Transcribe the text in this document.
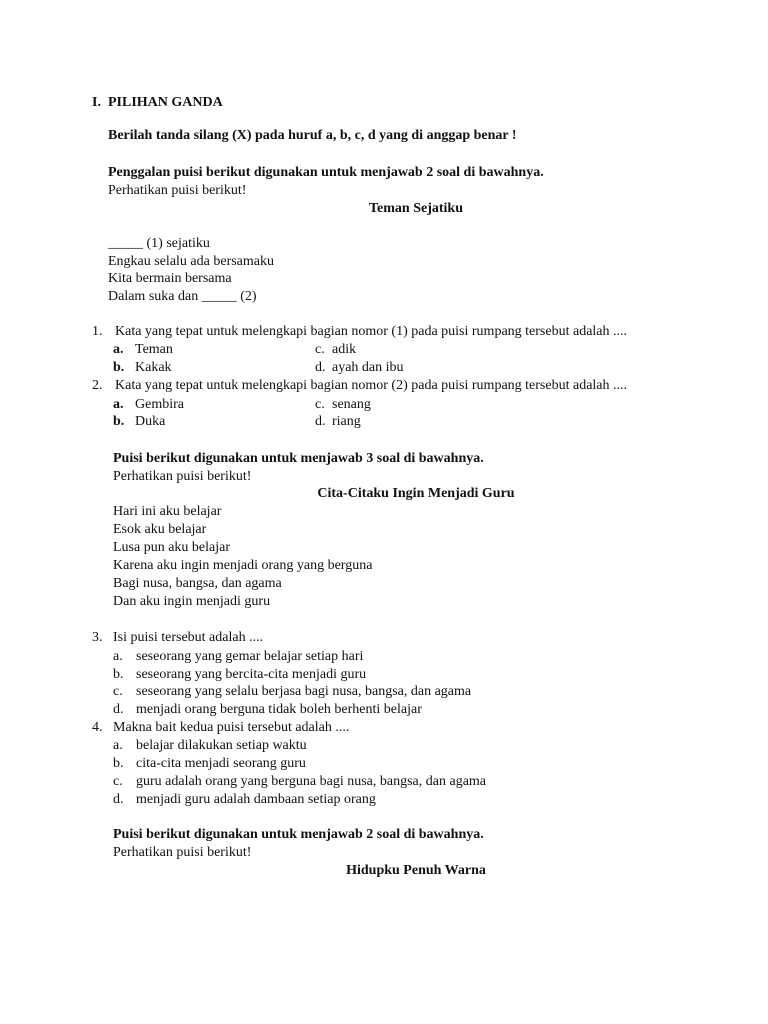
I. PILIHAN GANDA
Berilah tanda silang (X) pada huruf a, b, c, d yang di anggap benar !
Penggalan puisi berikut digunakan untuk menjawab 2 soal di bawahnya.
Perhatikan puisi berikut!
Teman Sejatiku
_____ (1) sejatiku
Engkau selalu ada bersamaku
Kita bermain bersama
Dalam suka dan _____ (2)
1. Kata yang tepat untuk melengkapi bagian nomor (1) pada puisi rumpang tersebut adalah ....
a. Teman	c. adik
b. Kakak	d. ayah dan ibu
2. Kata yang tepat untuk melengkapi bagian nomor (2) pada puisi rumpang tersebut adalah ....
a. Gembira	c. senang
b. Duka	d. riang
Puisi berikut digunakan untuk menjawab 3 soal di bawahnya.
Perhatikan puisi berikut!
Cita-Citaku Ingin Menjadi Guru
Hari ini aku belajar
Esok aku belajar
Lusa pun aku belajar
Karena aku ingin menjadi orang yang berguna
Bagi nusa, bangsa, dan agama
Dan aku ingin menjadi guru
3. Isi puisi tersebut adalah ....
a. seseorang yang gemar belajar setiap hari
b. seseorang yang bercita-cita menjadi guru
c. seseorang yang selalu berjasa bagi nusa, bangsa, dan agama
d. menjadi orang berguna tidak boleh berhenti belajar
4. Makna bait kedua puisi tersebut adalah ....
a. belajar dilakukan setiap waktu
b. cita-cita menjadi seorang guru
c. guru adalah orang yang berguna bagi nusa, bangsa, dan agama
d. menjadi guru adalah dambaan setiap orang
Puisi berikut digunakan untuk menjawab 2 soal di bawahnya.
Perhatikan puisi berikut!
Hidupku Penuh Warna
